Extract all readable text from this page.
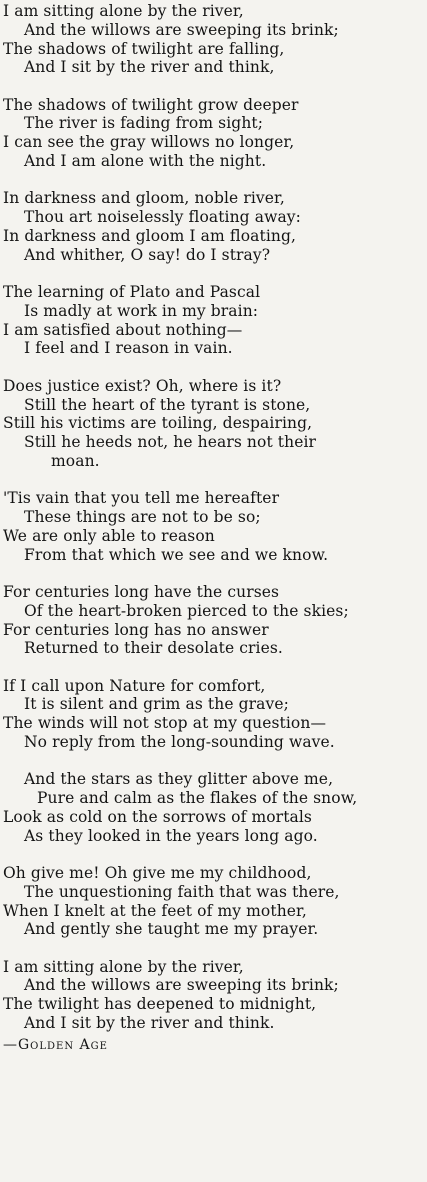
I am sitting alone by the river,
And the willows are sweeping its brink;
The shadows of twilight are falling,
And I sit by the river and think,
The shadows of twilight grow deeper
The river is fading from sight;
I can see the gray willows no longer,
And I am alone with the night.
In darkness and gloom, noble river,
Thou art noiselessly floating away:
In darkness and gloom I am floating,
And whither, O say! do I stray?
The learning of Plato and Pascal
Is madly at work in my brain:
I am satisfied about nothing—
I feel and I reason in vain.
Does justice exist? Oh, where is it?
Still the heart of the tyrant is stone,
Still his victims are toiling, despairing,
Still he heeds not, he hears not their
moan.
'Tis vain that you tell me hereafter
These things are not to be so;
We are only able to reason
From that which we see and we know.
For centuries long have the curses
Of the heart-broken pierced to the skies;
For centuries long has no answer
Returned to their desolate cries.
If I call upon Nature for comfort,
It is silent and grim as the grave;
The winds will not stop at my question—
No reply from the long-sounding wave.
And the stars as they glitter above me,
Pure and calm as the flakes of the snow,
Look as cold on the sorrows of mortals
As they looked in the years long ago.
Oh give me! Oh give me my childhood,
The unquestioning faith that was there,
When I knelt at the feet of my mother,
And gently she taught me my prayer.
I am sitting alone by the river,
And the willows are sweeping its brink;
The twilight has deepened to midnight,
And I sit by the river and think.
—Golden Age
